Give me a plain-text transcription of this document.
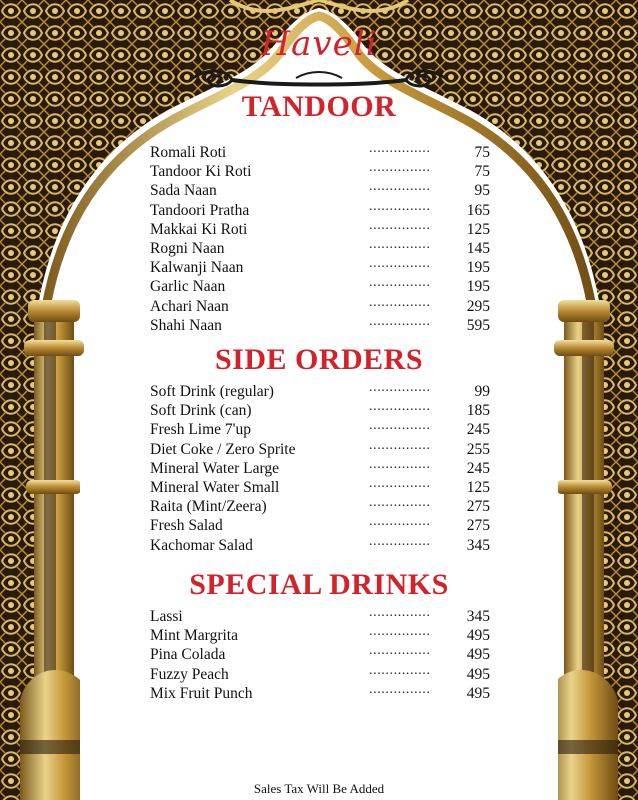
Haveli
TANDOOR
Romali Roti	...............	75
Tandoor Ki Roti	...............	75
Sada Naan	...............	95
Tandoori Pratha	............... 165
Makkai Ki Roti	............... 125
Rogni Naan	............... 145
Kalwanji Naan	............... 195
Garlic Naan	............... 195
Achari Naan	............... 295
Shahi Naan	............... 595
SIDE ORDERS
Soft Drink (regular)	...............	99
Soft Drink (can)	............... 185
Fresh Lime 7'up	............... 245
Diet Coke / Zero Sprite	............... 255
Mineral Water Large	............... 245
Mineral Water Small	............... 125
Raita (Mint/Zeera)	............... 275
Fresh Salad	............... 275
Kachomar Salad	............... 345
SPECIAL DRINKS
Lassi	............... 345
Mint Margrita	............... 495
Pina Colada	............... 495
Fuzzy Peach	............... 495
Mix Fruit Punch	............... 495
Sales Tax Will Be Added
